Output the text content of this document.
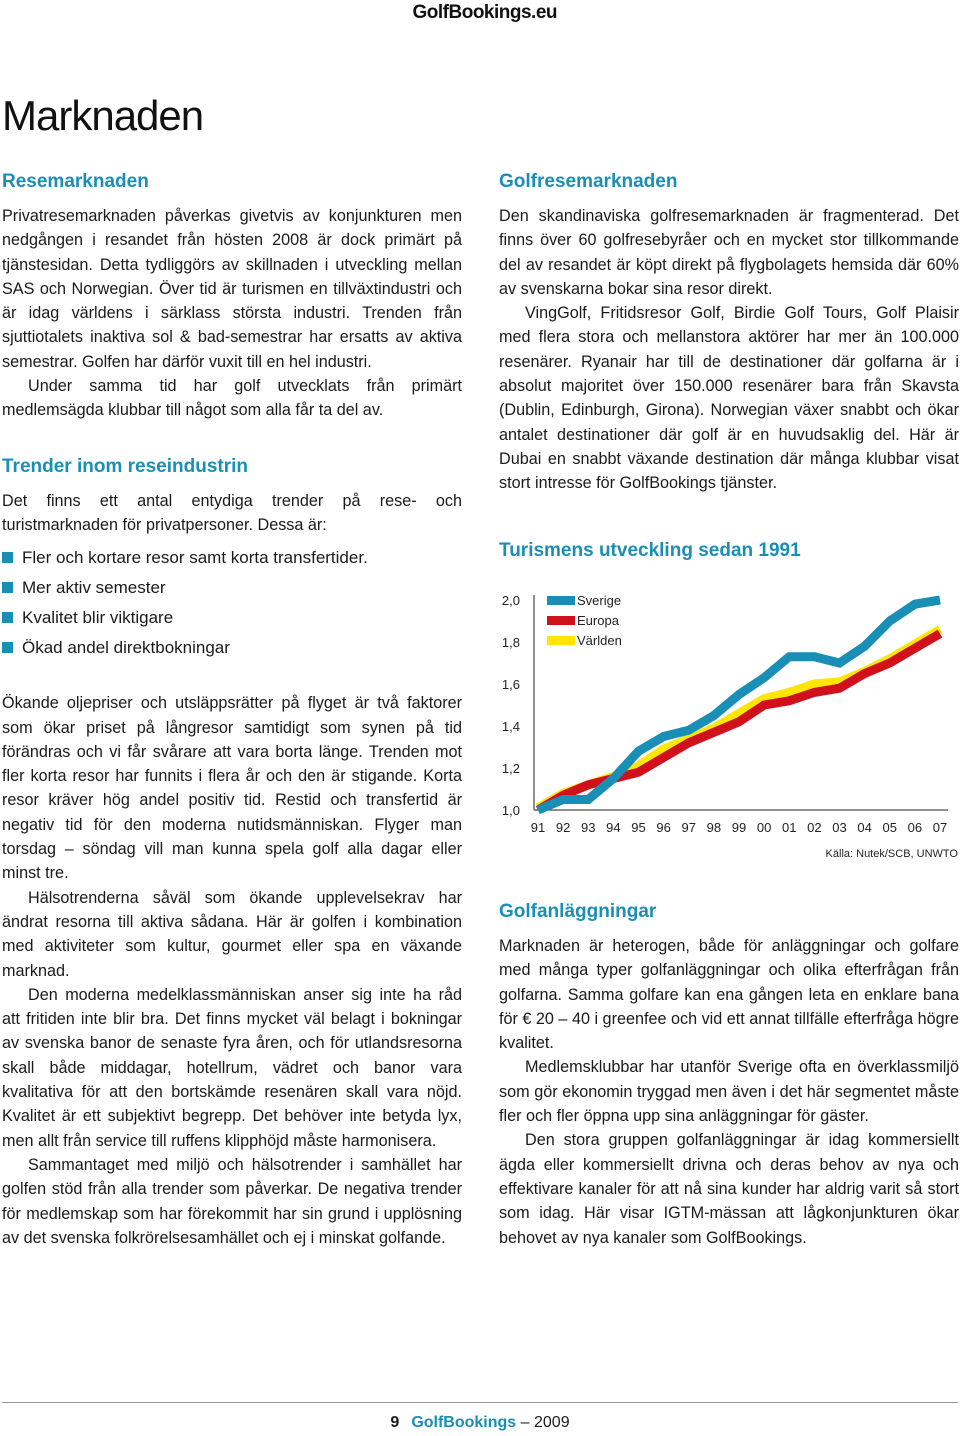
GolfBookings.eu
Marknaden
Resemarknaden

Privatresemarknaden påverkas givetvis av konjunkturen men nedgången i resandet från hösten 2008 är dock primärt på tjänstesidan. Detta tydliggörs av skillnaden i utveckling mellan SAS och Norwegian. Över tid är turismen en tillväxtindustri och är idag världens i särklass största industri. Trenden från sjuttiotalets inaktiva sol & bad-semestrar har ersatts av aktiva semestrar. Golfen har därför vuxit till en hel industri.

Under samma tid har golf utvecklats från primärt medlemsägda klubbar till något som alla får ta del av.

Trender inom reseindustrin

Det finns ett antal entydiga trender på rese- och turistmarknaden för privatpersoner. Dessa är:

Fler och kortare resor samt korta transfertider.
Mer aktiv semester
Kvalitet blir viktigare
Ökad andel direktbokningar

Ökande oljepriser och utsläppsrätter på flyget är två faktorer som ökar priset på långresor samtidigt som synen på tid förändras och vi får svårare att vara borta länge. Trenden mot fler korta resor har funnits i flera år och den är stigande. Korta resor kräver hög andel positiv tid. Restid och transfertid är negativ tid för den moderna nutidsmänniskan. Flyger man torsdag – söndag vill man kunna spela golf alla dagar eller minst tre.

Hälsotrenderna såväl som ökande upplevelsekrav har ändrat resorna till aktiva sådana. Här är golfen i kombination med aktiviteter som kultur, gourmet eller spa en växande marknad.

Den moderna medelklassmänniskan anser sig inte ha råd att fritiden inte blir bra. Det finns mycket väl belagt i bokningar av svenska banor de senaste fyra åren, och för utlandsresorna skall både middagar, hotellrum, vädret och banor vara kvalitativa för att den bortskämde resenären skall vara nöjd. Kvalitet är ett subjektivt begrepp. Det behöver inte betyda lyx, men allt från service till ruffens klipphöjd måste harmonisera.

Sammantaget med miljö och hälsotrender i samhället har golfen stöd från alla trender som påverkar. De negativa trender för medlemskap som har förekommit har sin grund i upplösning av det svenska folkrörelsesamhället och ej i minskat golfande.

Golfresemarknaden

Den skandinaviska golfresemarknaden är fragmenterad. Det finns över 60 golfresebyråer och en mycket stor tillkommande del av resandet är köpt direkt på flygbolagets hemsida där 60% av svenskarna bokar sina resor direkt.

VingGolf, Fritidsresor Golf, Birdie Golf Tours, Golf Plaisir med flera stora och mellanstora aktörer har mer än 100.000 resenärer. Ryanair har till de destinationer där golfarna är i absolut majoritet över 150.000 resenärer bara från Skavsta (Dublin, Edinburgh, Girona). Norwegian växer snabbt och ökar antalet destinationer där golf är en huvudsaklig del. Här är Dubai en snabbt växande destination där många klubbar visat stort intresse för GolfBookings tjänster.

Turismens utveckling sedan 1991
1,0
1,2
1,4
1,6
1,8
2,0
91 92 93 94 95 96 97 98 99 00 01 02 03 04 05 06 07
Sverige
Europa
Världen
Källa: Nutek/SCB, UNWTO
Golfanläggningar

Marknaden är heterogen, både för anläggningar och golfare med många typer golfanläggningar och olika efterfrågan från golfarna. Samma golfare kan ena gången leta en enklare bana för € 20 – 40 i greenfee och vid ett annat tillfälle efterfråga högre kvalitet.

Medlemsklubbar har utanför Sverige ofta en överklassmiljö som gör ekonomin tryggad men även i det här segmentet måste fler och fler öppna upp sina anläggningar för gäster.

Den stora gruppen golfanläggningar är idag kommersiellt ägda eller kommersiellt drivna och deras behov av nya och effektivare kanaler för att nå sina kunder har aldrig varit så stort som idag. Här visar IGTM-mässan att lågkonjunkturen ökar behovet av nya kanaler som GolfBookings.

9 GolfBookings – 2009
